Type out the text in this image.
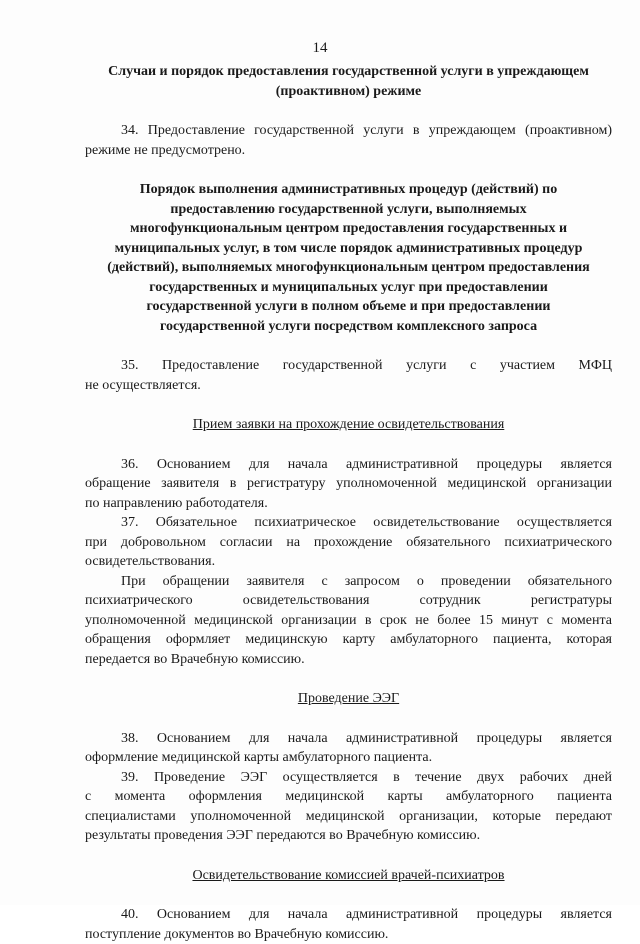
14
Случаи и порядок предоставления государственной услуги в упреждающем
(проактивном) режиме
34. Предоставление государственной услуги в упреждающем (проактивном)
режиме не предусмотрено.
Порядок выполнения административных процедур (действий) по
предоставлению государственной услуги, выполняемых
многофункциональным центром предоставления государственных и
муниципальных услуг, в том числе порядок административных процедур
(действий), выполняемых многофункциональным центром предоставления
государственных и муниципальных услуг при предоставлении
государственной услуги в полном объеме и при предоставлении
государственной услуги посредством комплексного запроса
35. Предоставление государственной услуги с участием МФЦ
не осуществляется.
Прием заявки на прохождение освидетельствования
36. Основанием для начала административной процедуры является
обращение заявителя в регистратуру уполномоченной медицинской организации
по направлению работодателя.
37. Обязательное психиатрическое освидетельствование осуществляется
при добровольном согласии на прохождение обязательного психиатрического
освидетельствования.
При обращении заявителя с запросом о проведении обязательного
психиатрического освидетельствования сотрудник регистратуры
уполномоченной медицинской организации в срок не более 15 минут с момента
обращения оформляет медицинскую карту амбулаторного пациента, которая
передается во Врачебную комиссию.
Проведение ЭЭГ
38. Основанием для начала административной процедуры является
оформление медицинской карты амбулаторного пациента.
39. Проведение ЭЭГ осуществляется в течение двух рабочих дней
с момента оформления медицинской карты амбулаторного пациента
специалистами уполномоченной медицинской организации, которые передают
результаты проведения ЭЭГ передаются во Врачебную комиссию.
Освидетельствование комиссией врачей-психиатров
40. Основанием для начала административной процедуры является
поступление документов во Врачебную комиссию.
